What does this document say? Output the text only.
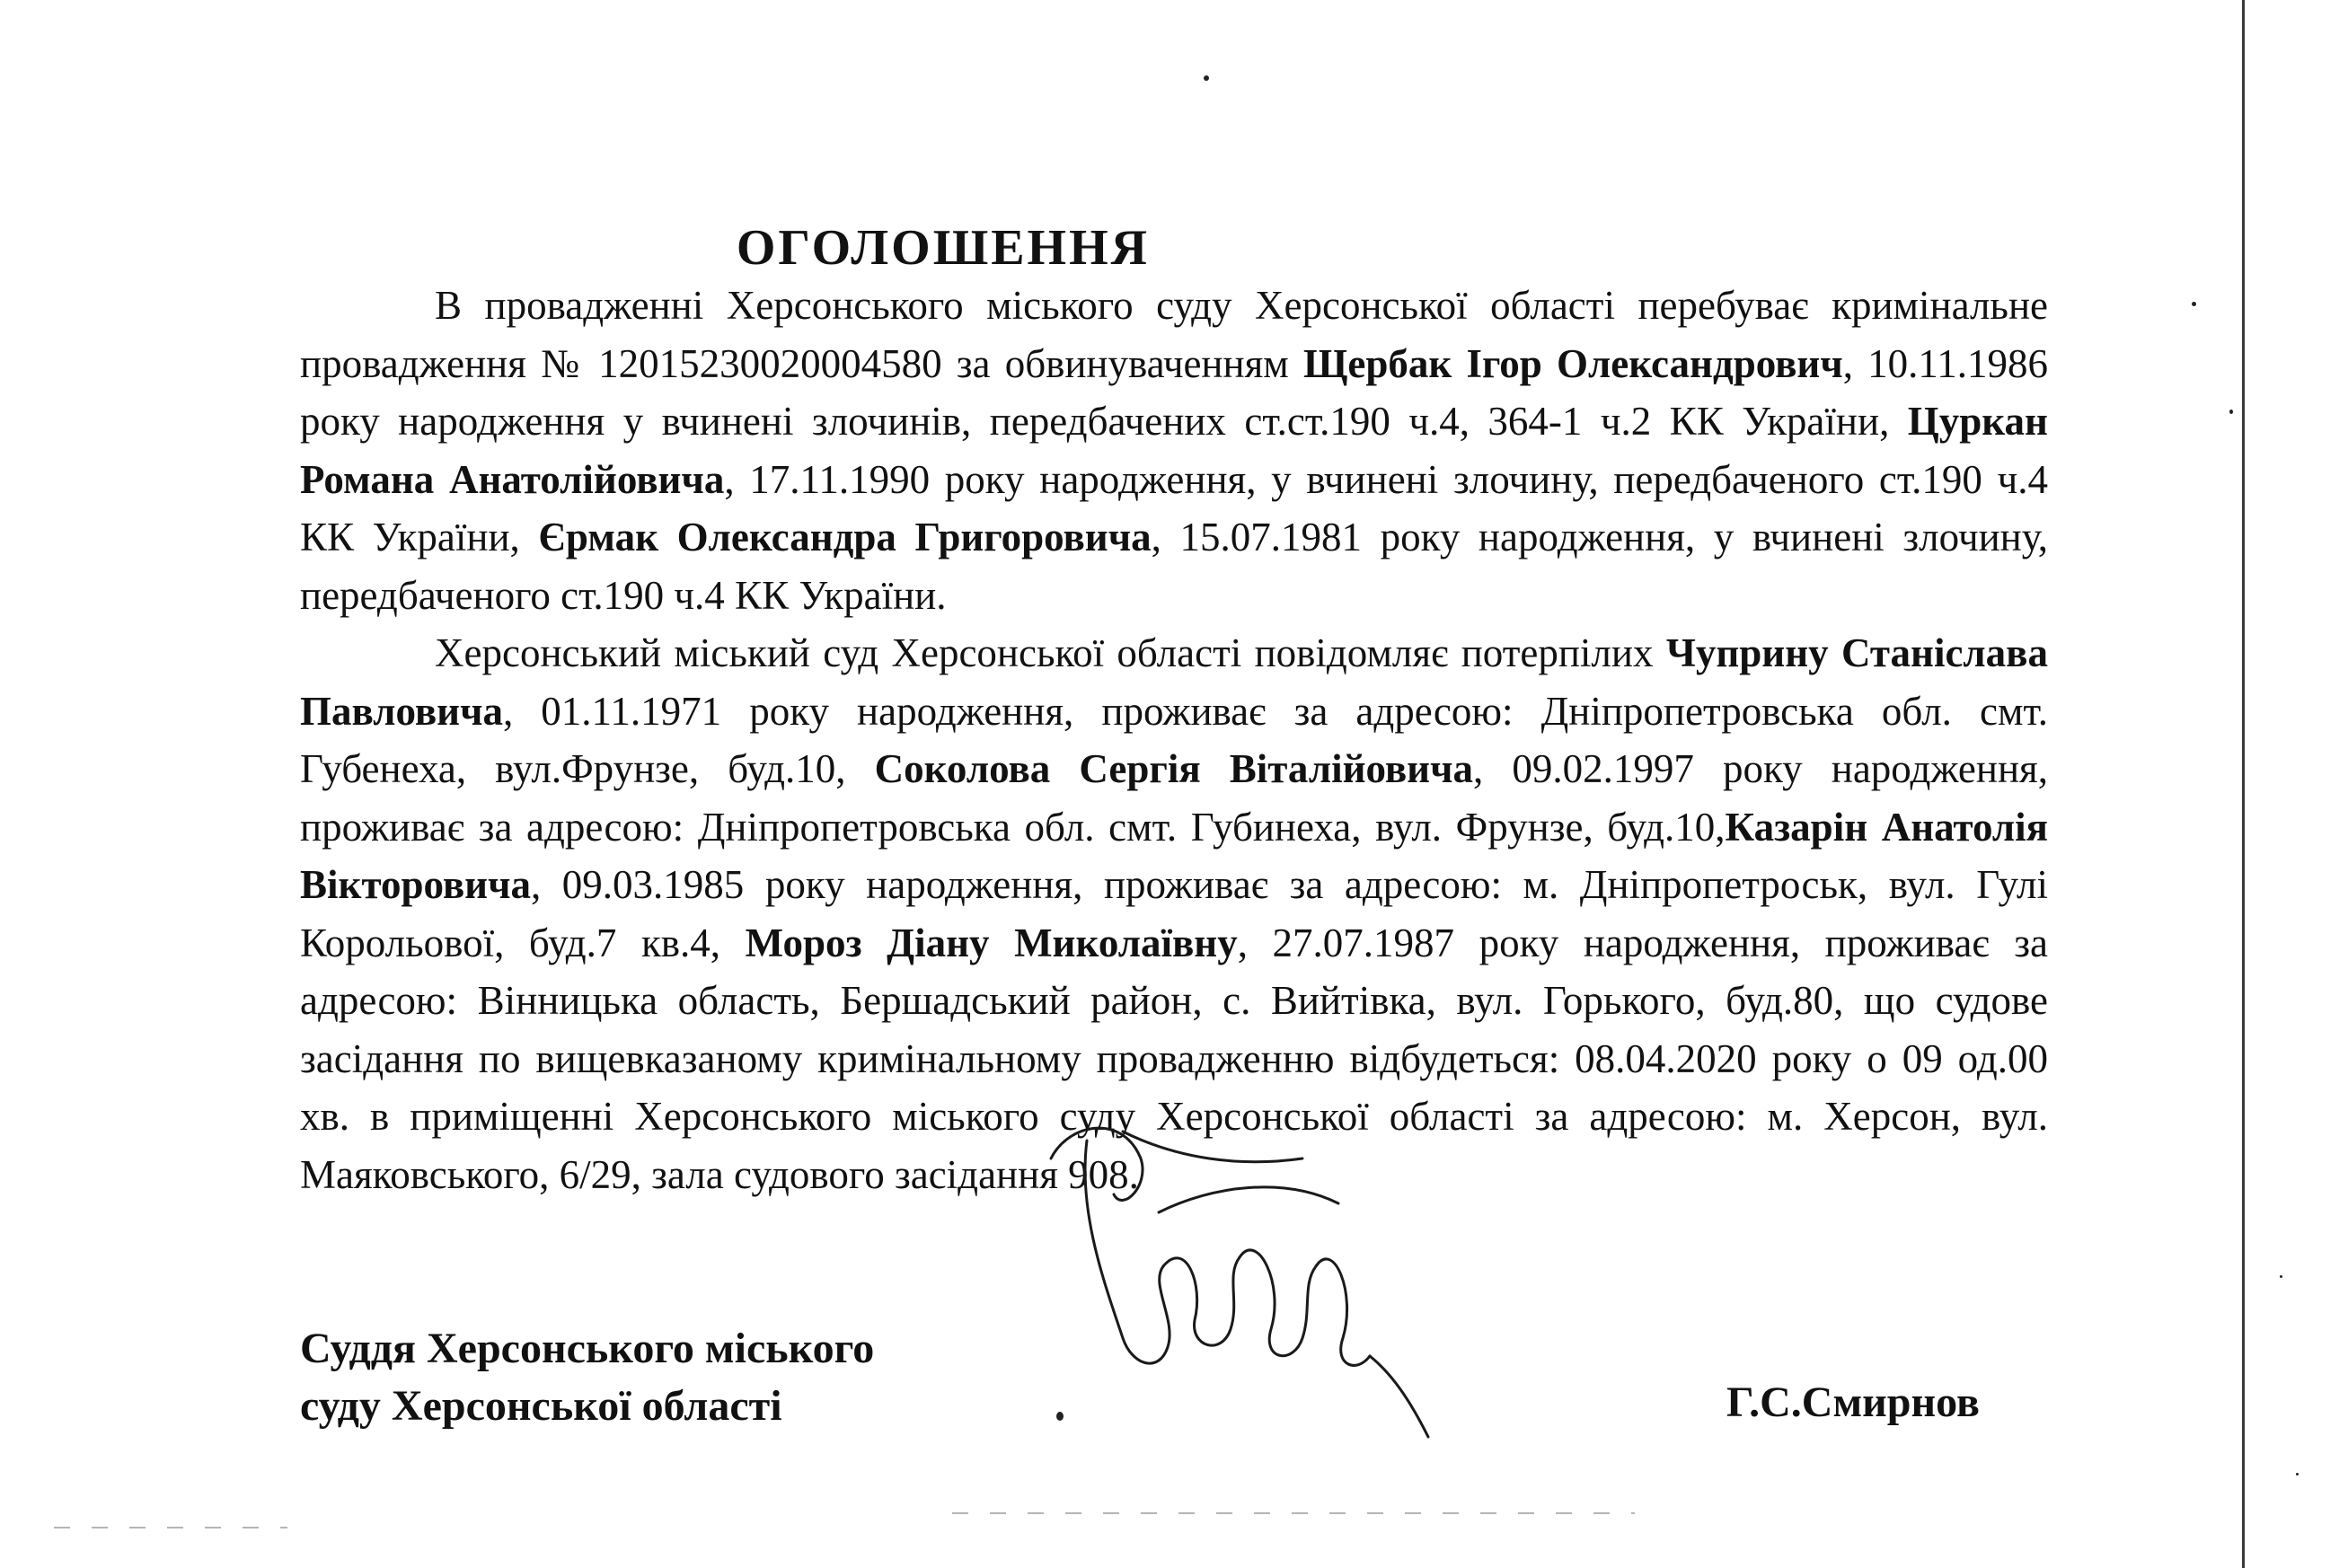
ОГОЛОШЕННЯ

В провадженні Херсонського міського суду Херсонської області перебуває кримінальне провадження № 12015230020004580 за обвинуваченням Щербак Ігор Олександрович, 10.11.1986 року народження у вчинені злочинів, передбачених ст.ст.190 ч.4, 364-1 ч.2 КК України, Цуркан Романа Анатолійовича, 17.11.1990 року народження, у вчинені злочину, передбаченого ст.190 ч.4 КК України, Єрмак Олександра Григоровича, 15.07.1981 року народження, у вчинені злочину, передбаченого ст.190 ч.4 КК України.

Херсонський міський суд Херсонської області повідомляє потерпілих Чуприну Станіслава Павловича, 01.11.1971 року народження, проживає за адресою: Дніпропетровська обл. смт. Губенеха, вул.Фрунзе, буд.10, Соколова Сергія Віталійовича, 09.02.1997 року народження, проживає за адресою: Дніпропетровська обл. смт. Губинеха, вул. Фрунзе, буд.10,Казарін Анатолія Вікторовича, 09.03.1985 року народження, проживає за адресою: м. Дніпропетроськ, вул. Гулі Корольової, буд.7 кв.4, Мороз Діану Миколаївну, 27.07.1987 року народження, проживає за адресою: Вінницька область, Бершадський район, с. Вийтівка, вул. Горького, буд.80, що судове засідання по вищевказаному кримінальному провадженню відбудеться: 08.04.2020 року о 09 од.00 хв. в приміщенні Херсонського міського суду Херсонської області за адресою: м. Херсон, вул. Маяковського, 6/29, зала судового засідання 908.

Суддя Херсонського міського
суду Херсонської області	Г.С.Смирнов
